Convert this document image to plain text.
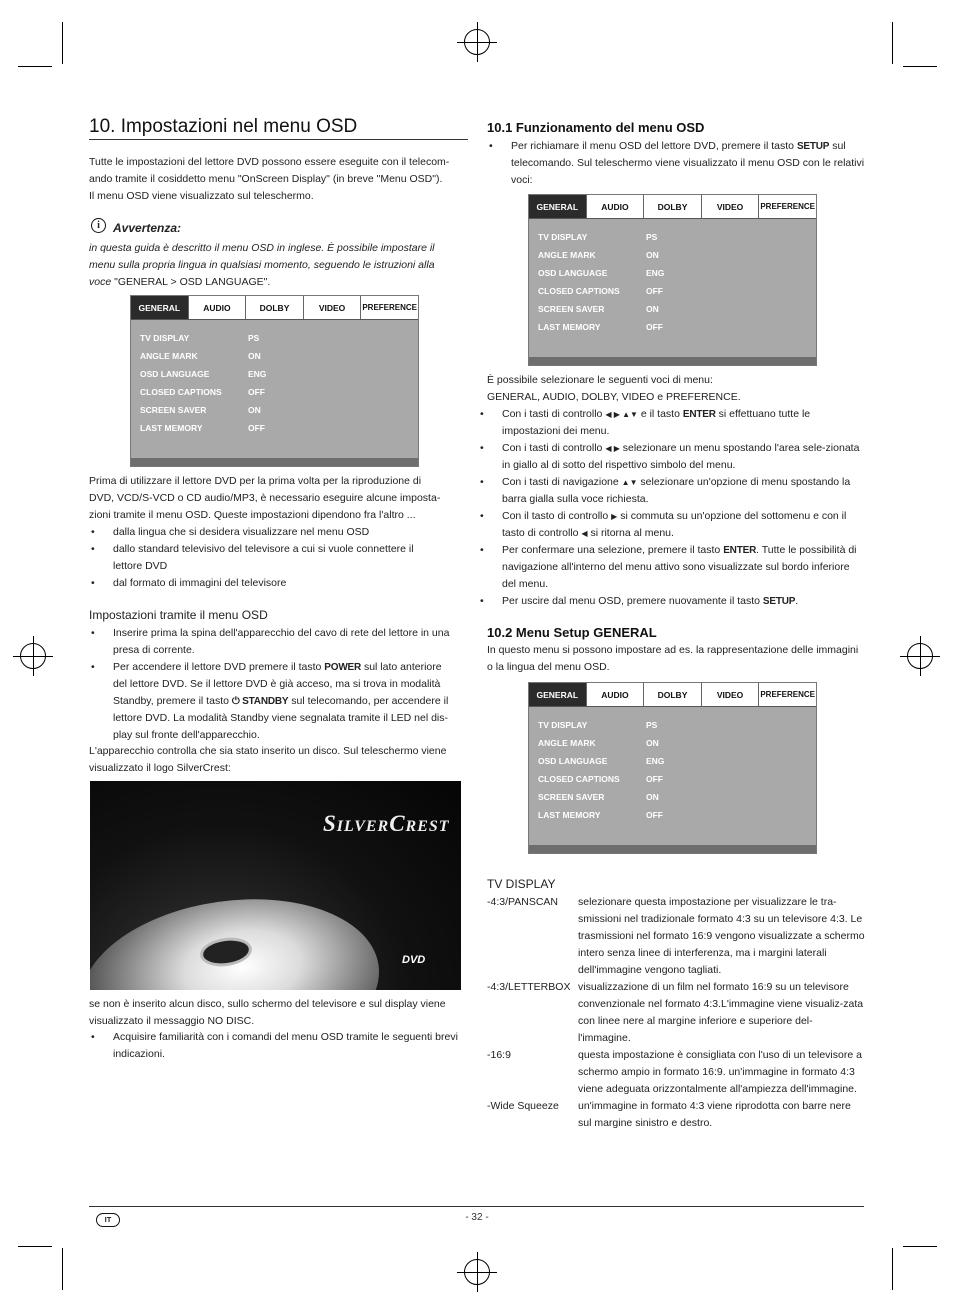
10. Impostazioni nel menu OSD
Tutte le impostazioni del lettore DVD possono essere eseguite con il telecom-
ando tramite il cosiddetto menu "OnScreen Display" (in breve "Menu OSD").
Il menu OSD viene visualizzato sul teleschermo.
i	Avvertenza:
in questa guida è descritto il menu OSD in inglese. È possibile impostare il
menu sulla propria lingua in qualsiasi momento, seguendo le istruzioni alla
voce "GENERAL > OSD LANGUAGE".
GENERAL	AUDIO	DOLBY	VIDEO	PREFERENCE
TV DISPLAY	PS
ANGLE MARK	ON
OSD LANGUAGE	ENG
CLOSED CAPTIONS	OFF
SCREEN SAVER	ON
LAST MEMORY	OFF
Prima di utilizzare il lettore DVD per la prima volta per la riproduzione di
DVD, VCD/S-VCD o CD audio/MP3, è necessario eseguire alcune imposta-
zioni tramite il menu OSD. Queste impostazioni dipendono fra l'altro ...
• dalla lingua che si desidera visualizzare nel menu OSD
• dallo standard televisivo del televisore a cui si vuole connettere il lettore DVD
• dal formato di immagini del televisore
Impostazioni tramite il menu OSD
• Inserire prima la spina dell'apparecchio del cavo di rete del lettore in una presa di corrente.
• Per accendere il lettore DVD premere il tasto POWER sul lato anteriore del lettore DVD. Se il lettore DVD è già acceso, ma si trova in modalità Standby, premere il tasto ⏻ STANDBY sul telecomando, per accendere il lettore DVD. La modalità Standby viene segnalata tramite il LED nel dis-play sul fronte dell'apparecchio.
L'apparecchio controlla che sia stato inserito un disco. Sul teleschermo viene visualizzato il logo SilverCrest:
SilverCrest
DVD
se non è inserito alcun disco, sullo schermo del televisore e sul display viene visualizzato il messaggio NO DISC.
• Acquisire familiarità con i comandi del menu OSD tramite le seguenti brevi indicazioni.
10.1 Funzionamento del menu OSD
• Per richiamare il menu OSD del lettore DVD, premere il tasto SETUP sul telecomando. Sul teleschermo viene visualizzato il menu OSD con le relativi voci:
GENERAL	AUDIO	DOLBY	VIDEO	PREFERENCE
TV DISPLAY	PS
ANGLE MARK	ON
OSD LANGUAGE	ENG
CLOSED CAPTIONS	OFF
SCREEN SAVER	ON
LAST MEMORY	OFF
È possibile selezionare le seguenti voci di menu:
GENERAL, AUDIO, DOLBY, VIDEO e PREFERENCE.
• Con i tasti di controllo ◀ ▶ ▲▼ e il tasto ENTER si effettuano tutte le impostazioni dei menu.
• Con i tasti di controllo ◀ ▶ selezionare un menu spostando l'area sele-zionata in giallo al di sotto del rispettivo simbolo del menu.
• Con i tasti di navigazione ▲▼ selezionare un'opzione di menu spostando la barra gialla sulla voce richiesta.
• Con il tasto di controllo ▶ si commuta su un'opzione del sottomenu e con il tasto di controllo ◀ si ritorna al menu.
• Per confermare una selezione, premere il tasto ENTER. Tutte le possibilità di navigazione all'interno del menu attivo sono visualizzate sul bordo inferiore del menu.
• Per uscire dal menu OSD, premere nuovamente il tasto SETUP.
10.2 Menu Setup GENERAL
In questo menu si possono impostare ad es. la rappresentazione delle immagini o la lingua del menu OSD.
GENERAL	AUDIO	DOLBY	VIDEO	PREFERENCE
TV DISPLAY	PS
ANGLE MARK	ON
OSD LANGUAGE	ENG
CLOSED CAPTIONS	OFF
SCREEN SAVER	ON
LAST MEMORY	OFF
TV DISPLAY
-4:3/PANSCAN	selezionare questa impostazione per visualizzare le tra-smissioni nel tradizionale formato 4:3 su un televisore 4:3. Le trasmissioni nel formato 16:9 vengono visualizzate a schermo intero senza linee di interferenza, ma i margini laterali dell'immagine vengono tagliati.
-4:3/LETTERBOX visualizzazione di un film nel formato 16:9 su un televisore convenzionale nel formato 4:3.L'immagine viene visualiz-zata con linee nere al margine inferiore e superiore del-l'immagine.
-16:9	questa impostazione è consigliata con l'uso di un televisore a schermo ampio in formato 16:9. un'immagine in formato 4:3 viene adeguata orizzontalmente all'ampiezza dell'immagine.
-Wide Squeeze	un'immagine in formato 4:3 viene riprodotta con barre nere sul margine sinistro e destro.
IT	- 32 -
